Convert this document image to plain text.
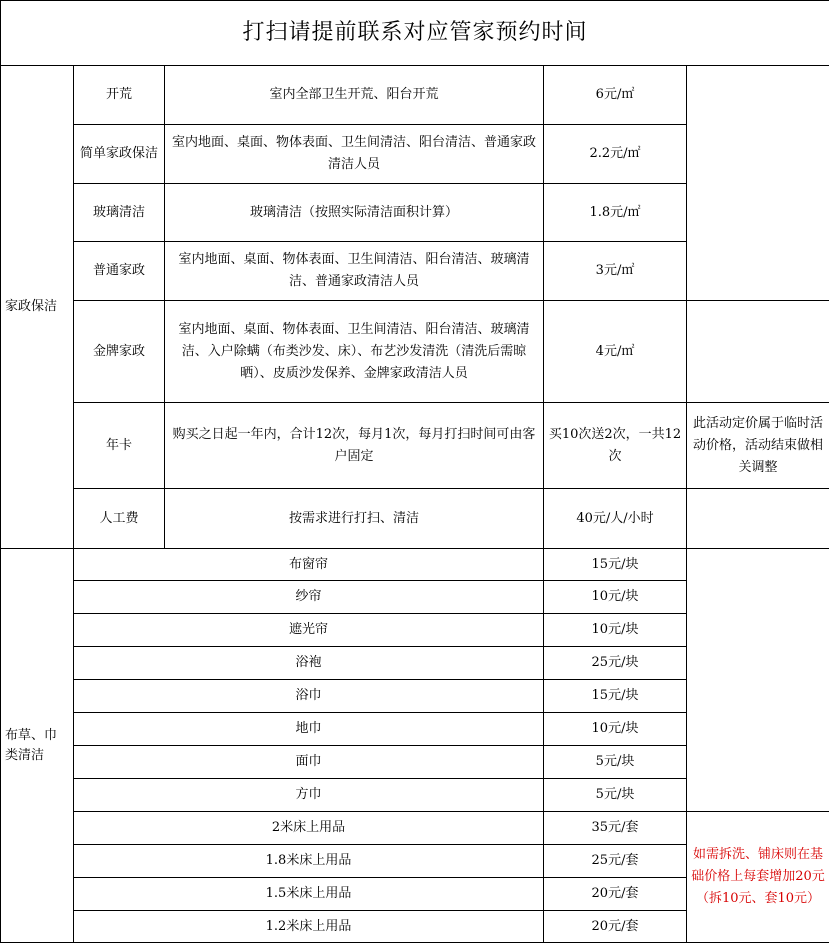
打扫请提前联系对应管家预约时间				
家政保洁	开荒	室内全部卫生开荒、阳台开荒	6元/㎡	
	简单家政保洁	室内地面、桌面、物体表面、卫生间清洁、阳台清洁、普通家政清洁人员	2.2元/㎡	
	玻璃清洁	玻璃清洁（按照实际清洁面积计算）	1.8元/㎡	
	普通家政	室内地面、桌面、物体表面、卫生间清洁、阳台清洁、玻璃清洁、普通家政清洁人员	3元/㎡	
	金牌家政	室内地面、桌面、物体表面、卫生间清洁、阳台清洁、玻璃清洁、入户除螨（布类沙发、床）、布艺沙发清洗（清洗后需晾晒）、皮质沙发保养、金牌家政清洁人员	4元/㎡	
	年卡	购买之日起一年内，合计12次，每月1次，每月打扫时间可由客户固定	买10次送2次，一共12次	此活动定价属于临时活动价格，活动结束做相关调整
	人工费	按需求进行打扫、清洁	40元/人/小时	
布草、巾类清洁	布窗帘		15元/块	
	纱帘		10元/块	
	遮光帘		10元/块	
	浴袍		25元/块	
	浴巾		15元/块	
	地巾		10元/块	
	面巾		5元/块	
	方巾		5元/块	
	2米床上用品		35元/套	如需拆洗、铺床则在基础价格上每套增加20元（拆10元、套10元）
	1.8米床上用品		25元/套	
	1.5米床上用品		20元/套	
	1.2米床上用品		20元/套	
